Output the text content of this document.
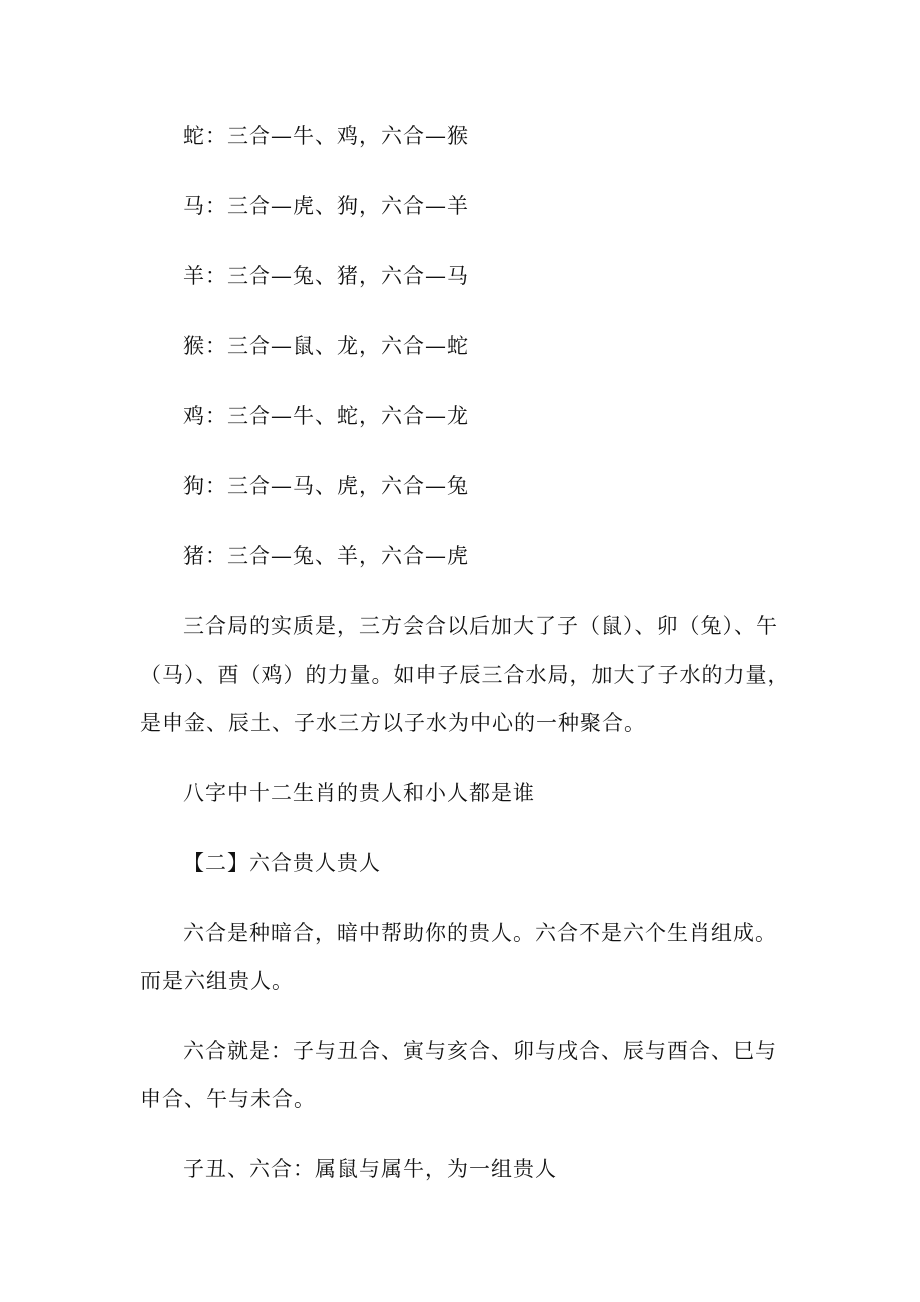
蛇：三合—牛、鸡，六合—猴

马：三合—虎、狗，六合—羊

羊：三合—兔、猪，六合—马

猴：三合—鼠、龙，六合—蛇

鸡：三合—牛、蛇，六合—龙

狗：三合—马、虎，六合—兔

猪：三合—兔、羊，六合—虎

三合局的实质是，三方会合以后加大了子（鼠）、卯（兔）、午

（马）、酉（鸡）的力量。如申子辰三合水局，加大了子水的力量，

是申金、辰土、子水三方以子水为中心的一种聚合。

八字中十二生肖的贵人和小人都是谁

【二】六合贵人贵人

六合是种暗合，暗中帮助你的贵人。六合不是六个生肖组成。

而是六组贵人。

六合就是：子与丑合、寅与亥合、卯与戌合、辰与酉合、巳与

申合、午与未合。

子丑、六合：属鼠与属牛，为一组贵人
